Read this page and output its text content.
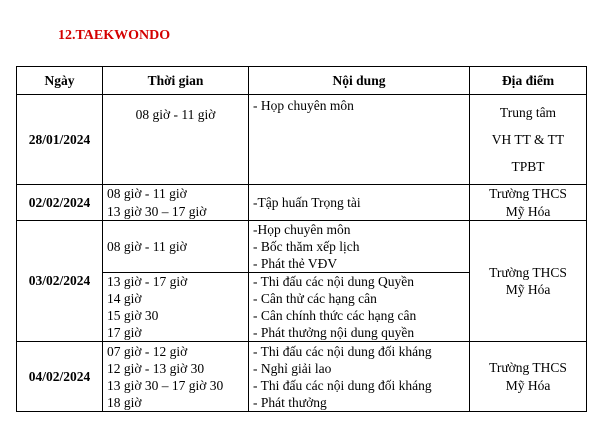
12.TAEKWONDO
Ngày	Thời gian	Nội dung	Địa điểm
28/01/2024	08 giờ - 11 giờ	- Họp chuyên môn	Trung tâm
VH TT & TT
TPBT

02/02/2024	08 giờ - 11 giờ
13 giờ 30 – 17 giờ	-Tập huấn Trọng tài	Trường THCS
Mỹ Hóa

03/02/2024	08 giờ - 11 giờ	-Họp chuyên môn
- Bốc thăm xếp lịch
- Phát thẻ VĐV	Trường THCS
Mỹ Hóa

	13 giờ - 17 giờ
14 giờ
15 giờ 30
17 giờ	- Thi đấu các nội dung Quyền
- Cân thử các hạng cân
- Cân chính thức các hạng cân
- Phát thưởng nội dung quyền	

04/02/2024	07 giờ - 12 giờ
12 giờ - 13 giờ 30
13 giờ 30 – 17 giờ 30
18 giờ	- Thi đấu các nội dung đối kháng
- Nghỉ giải lao
- Thi đấu các nội dung đối kháng
- Phát thưởng	Trường THCS
Mỹ Hóa
